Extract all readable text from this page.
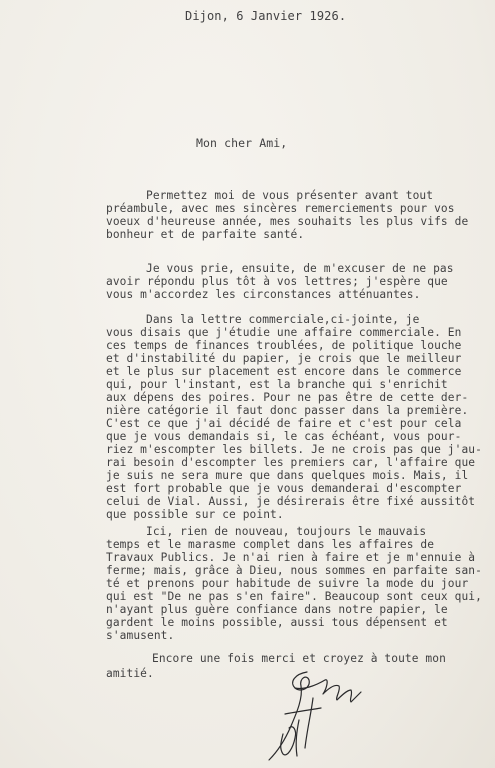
Dijon, 6 Janvier 1926.
Mon cher Ami,
Permettez moi de vous présenter avant tout
préambule, avec mes sincères remerciements pour vos
voeux d'heureuse année, mes souhaits les plus vifs de
bonheur et de parfaite santé.
Je vous prie, ensuite, de m'excuser de ne pas
avoir répondu plus tôt à vos lettres; j'espère que
vous m'accordez les circonstances atténuantes.
Dans la lettre commerciale,ci-jointe, je
vous disais que j'étudie une affaire commerciale. En
ces temps de finances troublées, de politique louche
et d'instabilité du papier, je crois que le meilleur
et le plus sur placement est encore dans le commerce
qui, pour l'instant, est la branche qui s'enrichit
aux dépens des poires. Pour ne pas être de cette der-
nière catégorie il faut donc passer dans la première.
C'est ce que j'ai décidé de faire et c'est pour cela
que je vous demandais si, le cas échéant, vous pour-
riez m'escompter les billets. Je ne crois pas que j'au-
rai besoin d'escompter les premiers car, l'affaire que
je suis ne sera mure que dans quelques mois. Mais, il
est fort probable que je vous demanderai d'escompter
celui de Vial. Aussi, je désirerais être fixé aussitôt
que possible sur ce point.
Ici, rien de nouveau, toujours le mauvais
temps et le marasme complet dans les affaires de
Travaux Publics. Je n'ai rien à faire et je m'ennuie à
ferme; mais, grâce à Dieu, nous sommes en parfaite san-
té et prenons pour habitude de suivre la mode du jour
qui est "De ne pas s'en faire". Beaucoup sont ceux qui,
n'ayant plus guère confiance dans notre papier, le
gardent le moins possible, aussi tous dépensent et
s'amusent.
Encore une fois merci et croyez à toute mon
amitié.
